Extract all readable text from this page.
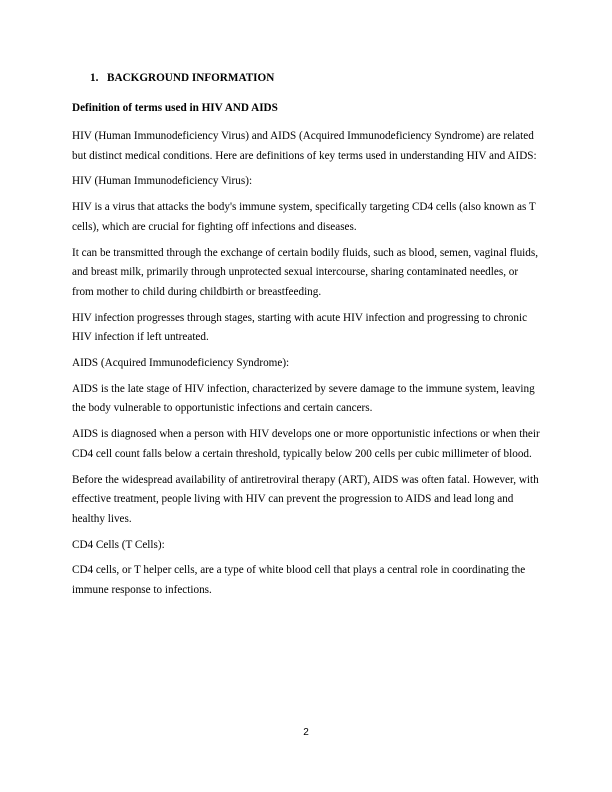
1. BACKGROUND INFORMATION
Definition of terms used in HIV AND AIDS

HIV (Human Immunodeficiency Virus) and AIDS (Acquired Immunodeficiency Syndrome) are related but distinct medical conditions. Here are definitions of key terms used in understanding HIV and AIDS:

HIV (Human Immunodeficiency Virus):

HIV is a virus that attacks the body's immune system, specifically targeting CD4 cells (also known as T cells), which are crucial for fighting off infections and diseases.

It can be transmitted through the exchange of certain bodily fluids, such as blood, semen, vaginal fluids, and breast milk, primarily through unprotected sexual intercourse, sharing contaminated needles, or from mother to child during childbirth or breastfeeding.

HIV infection progresses through stages, starting with acute HIV infection and progressing to chronic HIV infection if left untreated.

AIDS (Acquired Immunodeficiency Syndrome):

AIDS is the late stage of HIV infection, characterized by severe damage to the immune system, leaving the body vulnerable to opportunistic infections and certain cancers.

AIDS is diagnosed when a person with HIV develops one or more opportunistic infections or when their CD4 cell count falls below a certain threshold, typically below 200 cells per cubic millimeter of blood.

Before the widespread availability of antiretroviral therapy (ART), AIDS was often fatal. However, with effective treatment, people living with HIV can prevent the progression to AIDS and lead long and healthy lives.

CD4 Cells (T Cells):

CD4 cells, or T helper cells, are a type of white blood cell that plays a central role in coordinating the immune response to infections.

2
